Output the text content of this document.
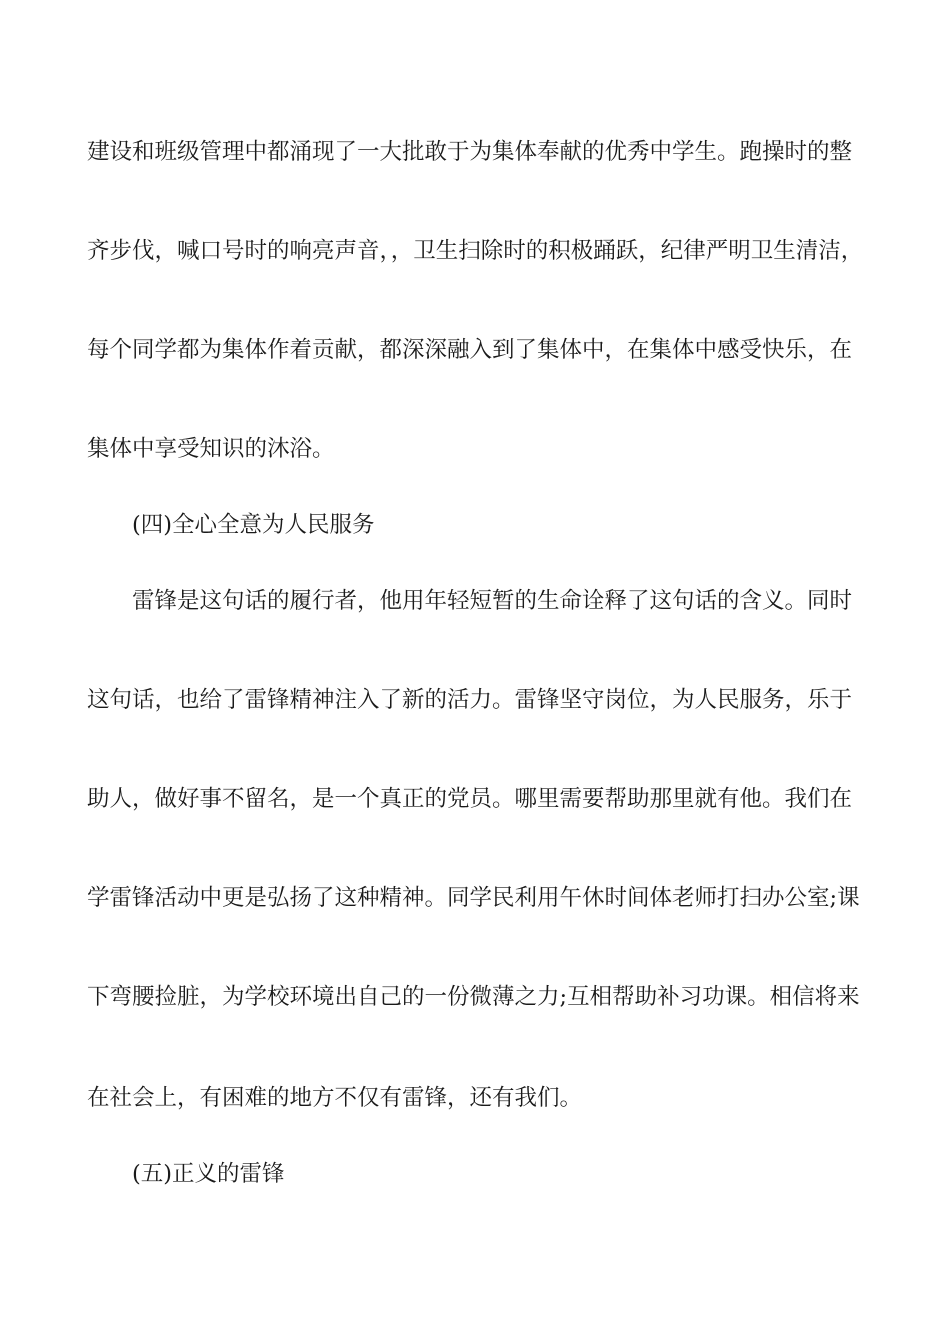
建设和班级管理中都涌现了一大批敢于为集体奉献的优秀中学生。跑操时的整
齐步伐，喊口号时的响亮声音，，卫生扫除时的积极踊跃，纪律严明卫生清洁，
每个同学都为集体作着贡献，都深深融入到了集体中，在集体中感受快乐，在
集体中享受知识的沐浴。
(四)全心全意为人民服务
雷锋是这句话的履行者，他用年轻短暂的生命诠释了这句话的含义。同时
这句话，也给了雷锋精神注入了新的活力。雷锋坚守岗位，为人民服务，乐于
助人，做好事不留名，是一个真正的党员。哪里需要帮助那里就有他。我们在
学雷锋活动中更是弘扬了这种精神。同学民利用午休时间体老师打扫办公室;课
下弯腰捡脏，为学校环境出自己的一份微薄之力;互相帮助补习功课。相信将来
在社会上，有困难的地方不仅有雷锋，还有我们。
(五)正义的雷锋
